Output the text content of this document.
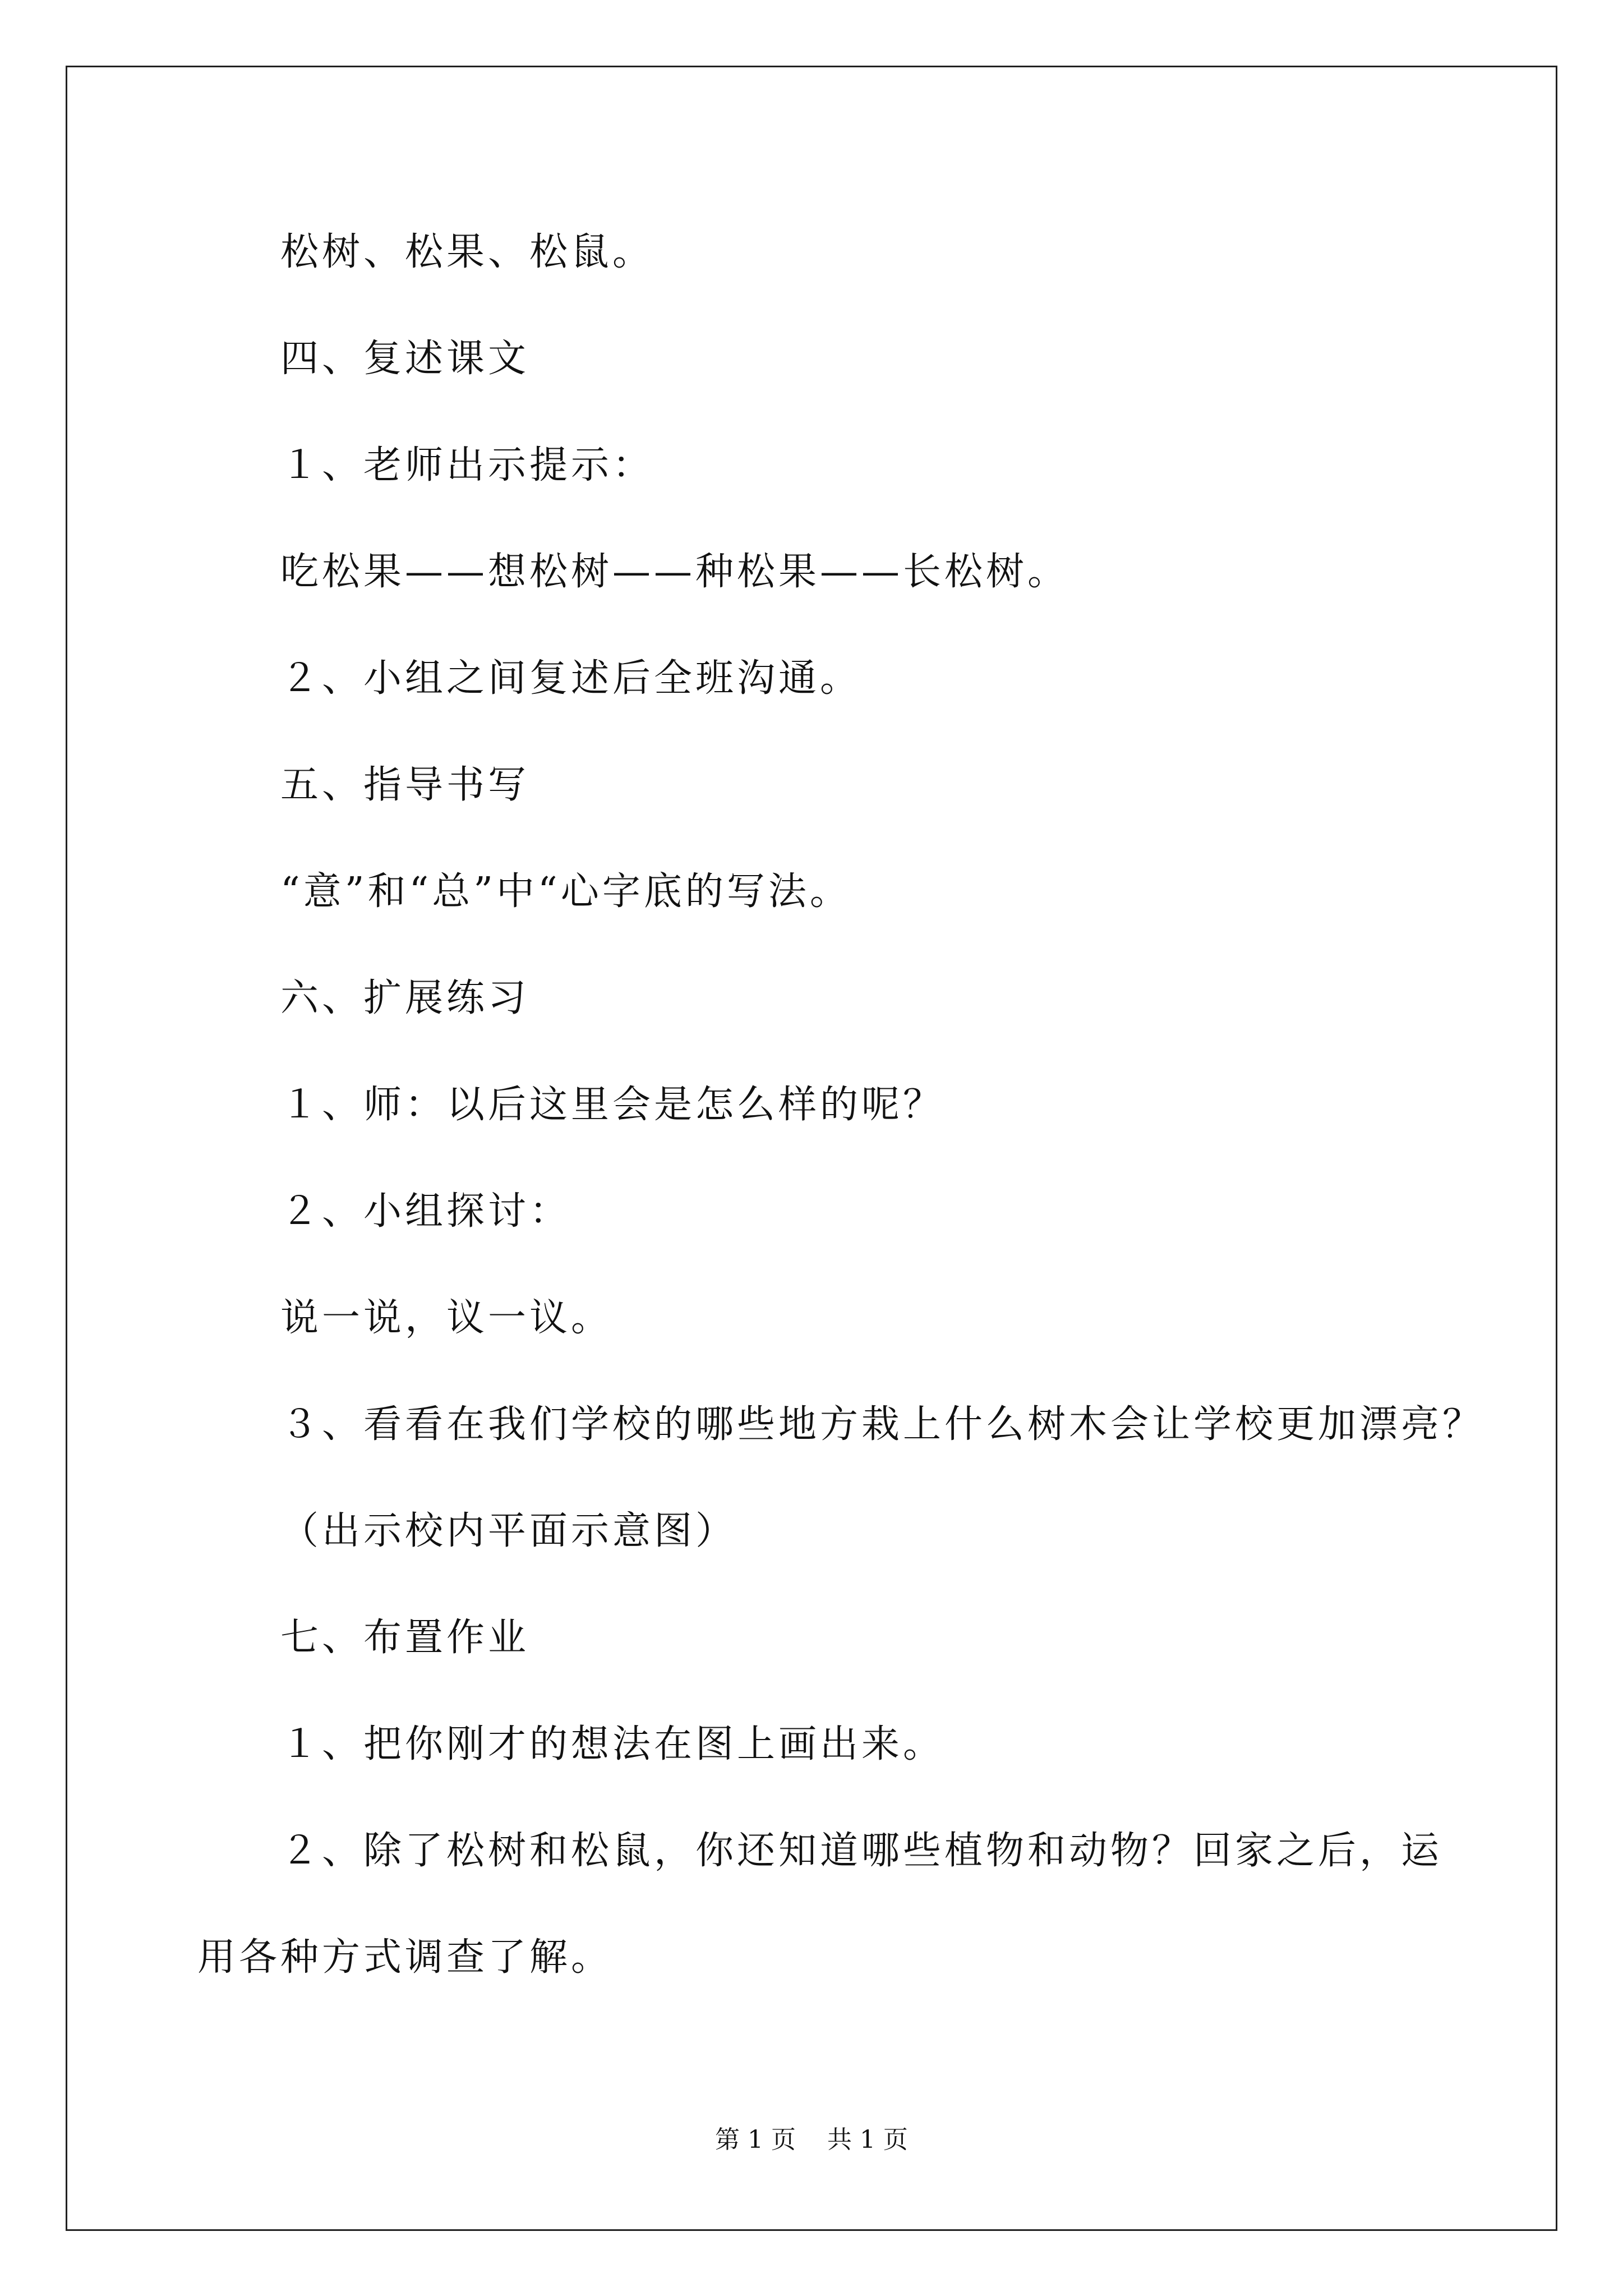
松树、松果、松鼠。
四、复述课文
１、老师出示提示：
吃松果——想松树——种松果——长松树。
２、小组之间复述后全班沟通。
五、指导书写
“意”和“总”中“心字底的写法。
六、扩展练习
１、师：以后这里会是怎么样的呢？
２、小组探讨：
说一说，议一议。
３、看看在我们学校的哪些地方栽上什么树木会让学校更加漂亮？
（出示校内平面示意图）
七、布置作业
１、把你刚才的想法在图上画出来。
２、除了松树和松鼠，你还知道哪些植物和动物？回家之后，运
用各种方式调查了解。
第 1 页    共 1 页
